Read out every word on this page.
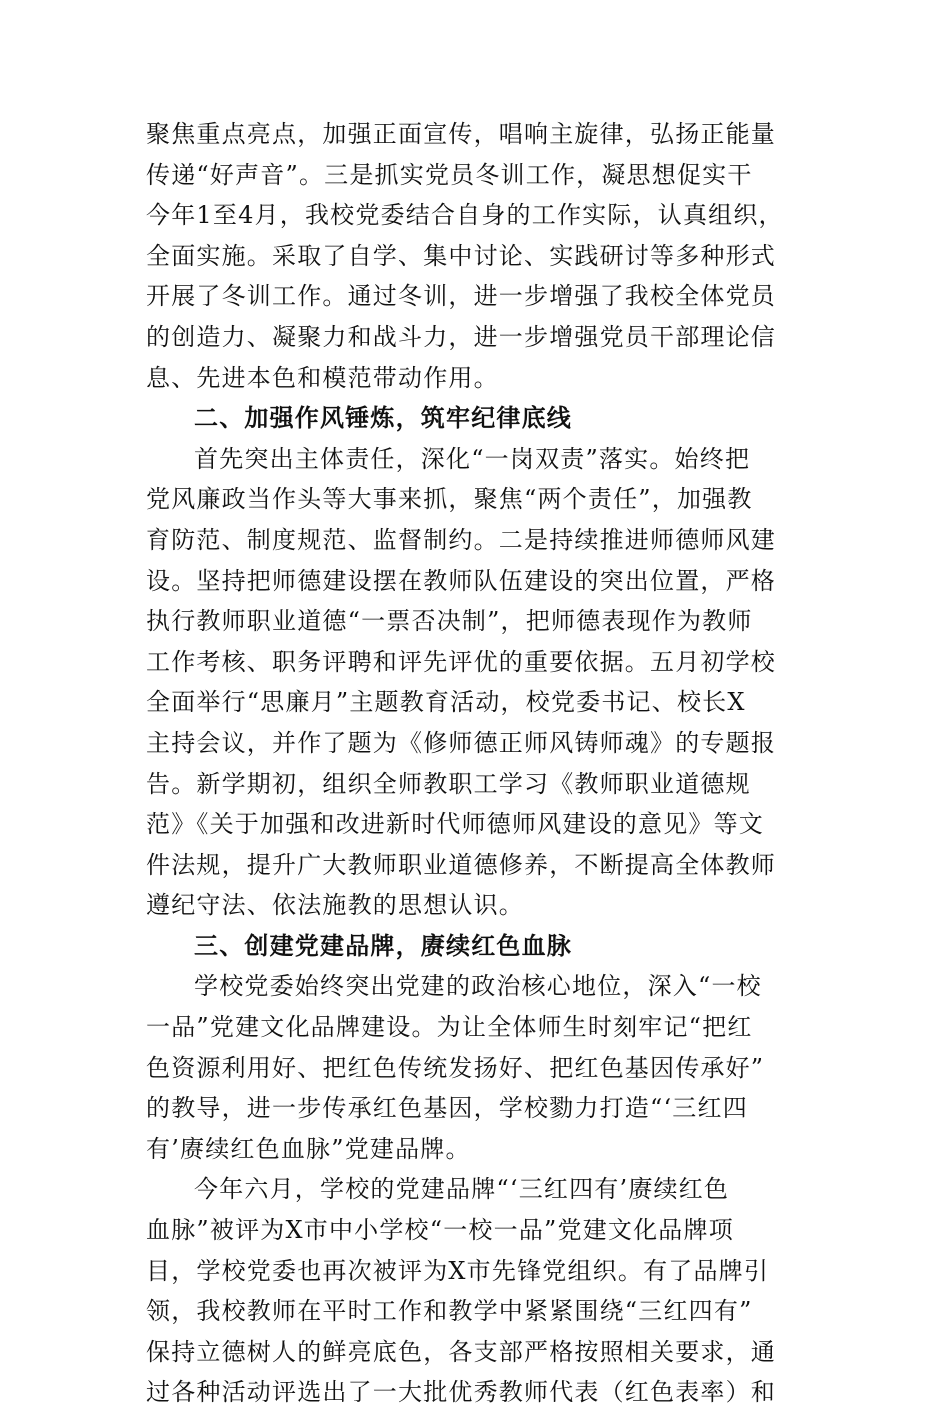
聚焦重点亮点，加强正面宣传，唱响主旋律，弘扬正能量
传递“好声音”。三是抓实党员冬训工作，凝思想促实干
今年1至4月，我校党委结合自身的工作实际，认真组织，
全面实施。采取了自学、集中讨论、实践研讨等多种形式
开展了冬训工作。通过冬训，进一步增强了我校全体党员
的创造力、凝聚力和战斗力，进一步增强党员干部理论信
息、先进本色和模范带动作用。
二、加强作风锤炼，筑牢纪律底线
首先突出主体责任，深化“一岗双责”落实。始终把
党风廉政当作头等大事来抓，聚焦“两个责任”，加强教
育防范、制度规范、监督制约。二是持续推进师德师风建
设。坚持把师德建设摆在教师队伍建设的突出位置，严格
执行教师职业道德“一票否决制”，把师德表现作为教师
工作考核、职务评聘和评先评优的重要依据。五月初学校
全面举行“思廉月”主题教育活动，校党委书记、校长X
主持会议，并作了题为《修师德正师风铸师魂》的专题报
告。新学期初，组织全师教职工学习《教师职业道德规
范》《关于加强和改进新时代师德师风建设的意见》等文
件法规，提升广大教师职业道德修养，不断提高全体教师
遵纪守法、依法施教的思想认识。
三、创建党建品牌，赓续红色血脉
学校党委始终突出党建的政治核心地位，深入“一校
一品”党建文化品牌建设。为让全体师生时刻牢记“把红
色资源利用好、把红色传统发扬好、把红色基因传承好”
的教导，进一步传承红色基因，学校勠力打造“‘三红四
有’赓续红色血脉”党建品牌。
今年六月，学校的党建品牌“‘三红四有’赓续红色
血脉”被评为X市中小学校“一校一品”党建文化品牌项
目，学校党委也再次被评为X市先锋党组织。有了品牌引
领，我校教师在平时工作和教学中紧紧围绕“三红四有”
保持立德树人的鲜亮底色，各支部严格按照相关要求，通
过各种活动评选出了一大批优秀教师代表（红色表率）和
